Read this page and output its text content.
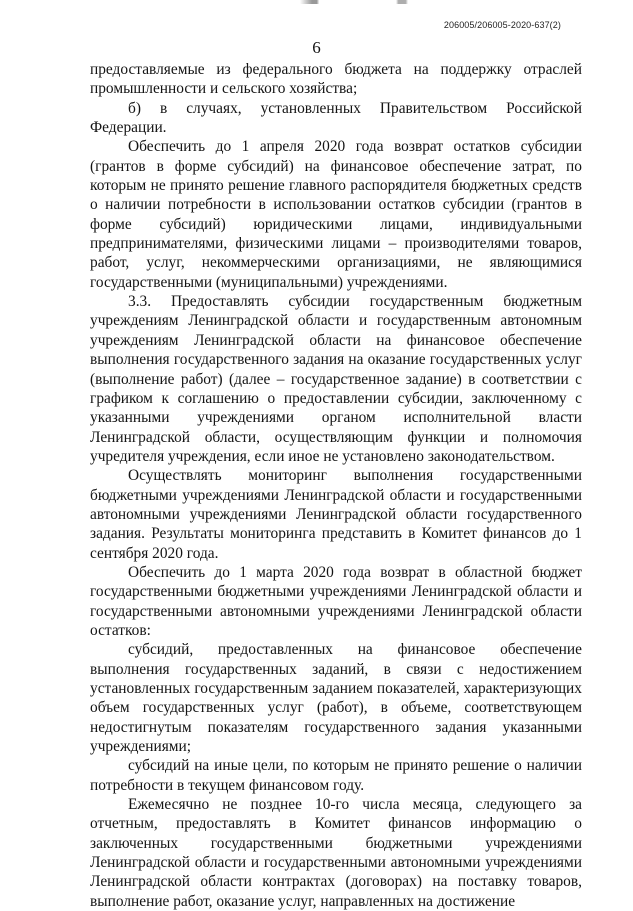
206005/206005-2020-637(2)
6

предоставляемые из федерального бюджета на поддержку отраслей промышленности и сельского хозяйства;

б) в случаях, установленных Правительством Российской Федерации.

Обеспечить до 1 апреля 2020 года возврат остатков субсидии (грантов в форме субсидий) на финансовое обеспечение затрат, по которым не принято решение главного распорядителя бюджетных средств о наличии потребности в использовании остатков субсидии (грантов в форме субсидий) юридическими лицами, индивидуальными предпринимателями, физическими лицами – производителями товаров, работ, услуг, некоммерческими организациями, не являющимися государственными (муниципальными) учреждениями.

3.3. Предоставлять субсидии государственным бюджетным учреждениям Ленинградской области и государственным автономным учреждениям Ленинградской области на финансовое обеспечение выполнения государственного задания на оказание государственных услуг (выполнение работ) (далее – государственное задание) в соответствии с графиком к соглашению о предоставлении субсидии, заключенному с указанными учреждениями органом исполнительной власти Ленинградской области, осуществляющим функции и полномочия учредителя учреждения, если иное не установлено законодательством.

Осуществлять мониторинг выполнения государственными бюджетными учреждениями Ленинградской области и государственными автономными учреждениями Ленинградской области государственного задания. Результаты мониторинга представить в Комитет финансов до 1 сентября 2020 года.

Обеспечить до 1 марта 2020 года возврат в областной бюджет государственными бюджетными учреждениями Ленинградской области и государственными автономными учреждениями Ленинградской области остатков:

субсидий, предоставленных на финансовое обеспечение выполнения государственных заданий, в связи с недостижением установленных государственным заданием показателей, характеризующих объем государственных услуг (работ), в объеме, соответствующем недостигнутым показателям государственного задания указанными учреждениями;

субсидий на иные цели, по которым не принято решение о наличии потребности в текущем финансовом году.

Ежемесячно не позднее 10-го числа месяца, следующего за отчетным, предоставлять в Комитет финансов информацию о заключенных государственными бюджетными учреждениями Ленинградской области и государственными автономными учреждениями Ленинградской области контрактах (договорах) на поставку товаров, выполнение работ, оказание услуг, направленных на достижение
